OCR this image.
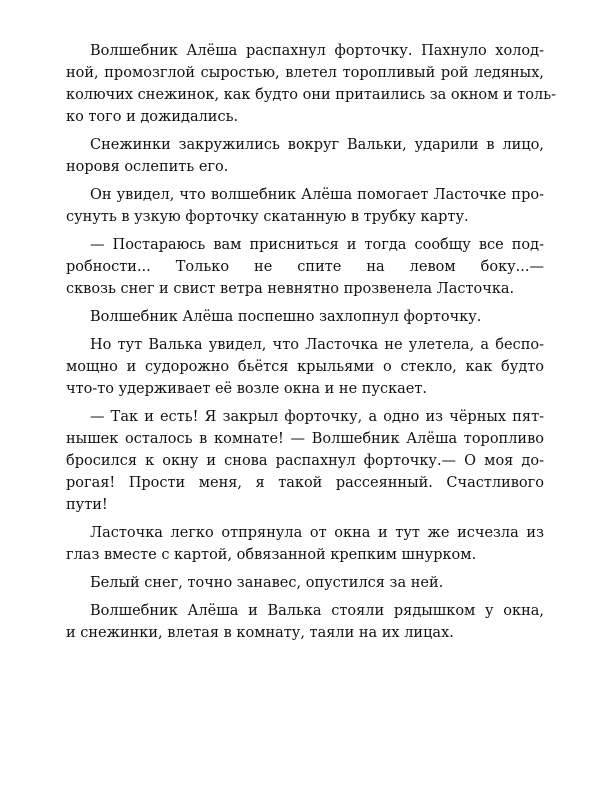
Волшебник Алёша распахнул форточку. Пахнуло холод-
ной, промозглой сыростью, влетел торопливый рой ледяных,
колючих снежинок, как будто они притаились за окном и толь-
ко того и дожидались.
Снежинки закружились вокруг Вальки, ударили в лицо,
норовя ослепить его.
Он увидел, что волшебник Алёша помогает Ласточке про-
сунуть в узкую форточку скатанную в трубку карту.
— Постараюсь вам присниться и тогда сообщу все под-
робности... Только не спите на левом боку...—
сквозь снег и свист ветра невнятно прозвенела Ласточка.
Волшебник Алёша поспешно захлопнул форточку.
Но тут Валька увидел, что Ласточка не улетела, а беспо-
мощно и судорожно бьётся крыльями о стекло, как будто
что-то удерживает её возле окна и не пускает.
— Так и есть! Я закрыл форточку, а одно из чёрных пят-
нышек осталось в комнате! — Волшебник Алёша торопливо
бросился к окну и снова распахнул форточку.— О моя до-
рогая! Прости меня, я такой рассеянный. Счастливого
пути!
Ласточка легко отпрянула от окна и тут же исчезла из
глаз вместе с картой, обвязанной крепким шнурком.
Белый снег, точно занавес, опустился за ней.
Волшебник Алёша и Валька стояли рядышком у окна,
и снежинки, влетая в комнату, таяли на их лицах.
